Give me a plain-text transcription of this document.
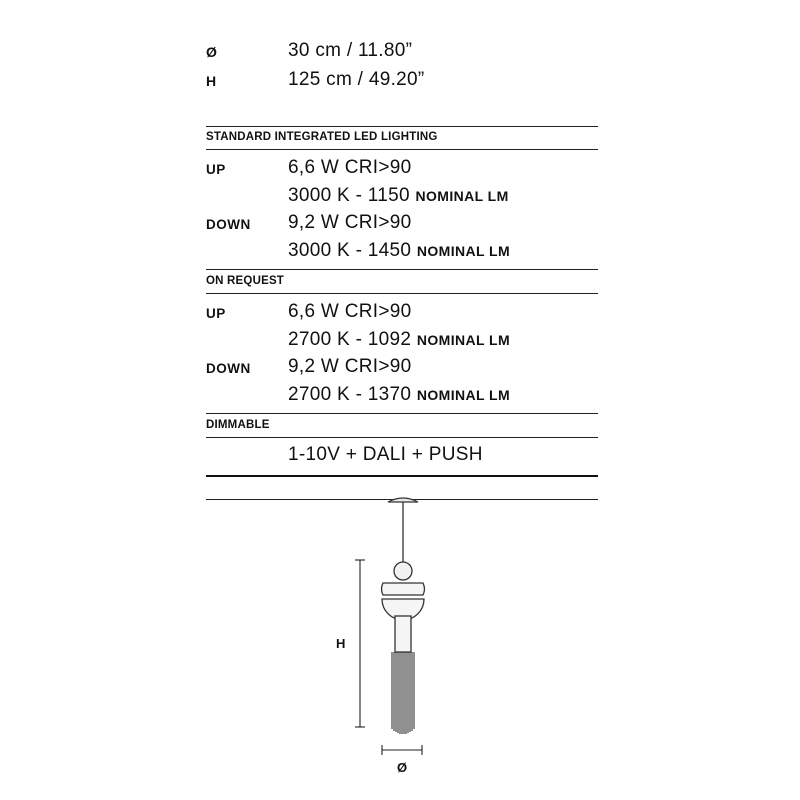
Ø	30 cm / 11.80”
H	125 cm / 49.20”
STANDARD INTEGRATED LED LIGHTING
UP	6,6 W CRI>90
3000 K - 1150 NOMINAL LM
DOWN 9,2 W CRI>90
3000 K - 1450 NOMINAL LM
ON REQUEST
UP	6,6 W CRI>90
2700 K - 1092 NOMINAL LM
DOWN 9,2 W CRI>90
2700 K - 1370 NOMINAL LM
DIMMABLE
1-10V + DALI + PUSH
H
Ø
